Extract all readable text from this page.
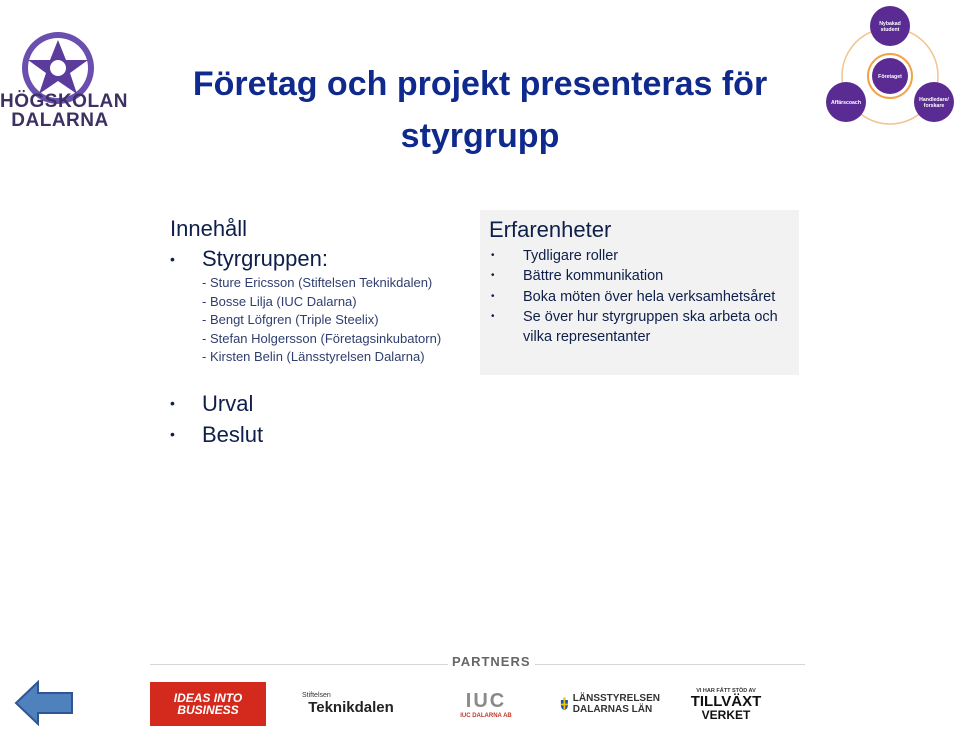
HÖGSKOLAN
DALARNA
Företag och projekt presenteras för styrgrupp
Nybakad student
Företaget
Affärscoach	Handledare/ forskare
Innehåll
•	Styrgruppen:
- Sture Ericsson (Stiftelsen Teknikdalen)
- Bosse Lilja (IUC Dalarna)
- Bengt Löfgren (Triple Steelix)
- Stefan Holgersson (Företagsinkubatorn)
- Kirsten Belin (Länsstyrelsen Dalarna)
•	Urval
•	Beslut
Erfarenheter
•	Tydligare roller
•	Bättre kommunikation
•	Boka möten över hela verksamhetsåret
•	Se över hur styrgruppen ska arbeta och vilka representanter
PARTNERS
IDEAS INTO BUSINESS
Stiftelsen
Teknikdalen	IUC
IUC DALARNA AB
LÄNSSTYRELSEN
DALARNAS LÄN
VI HAR FÅTT STÖD AV
TILLVÄXT
VERKET
